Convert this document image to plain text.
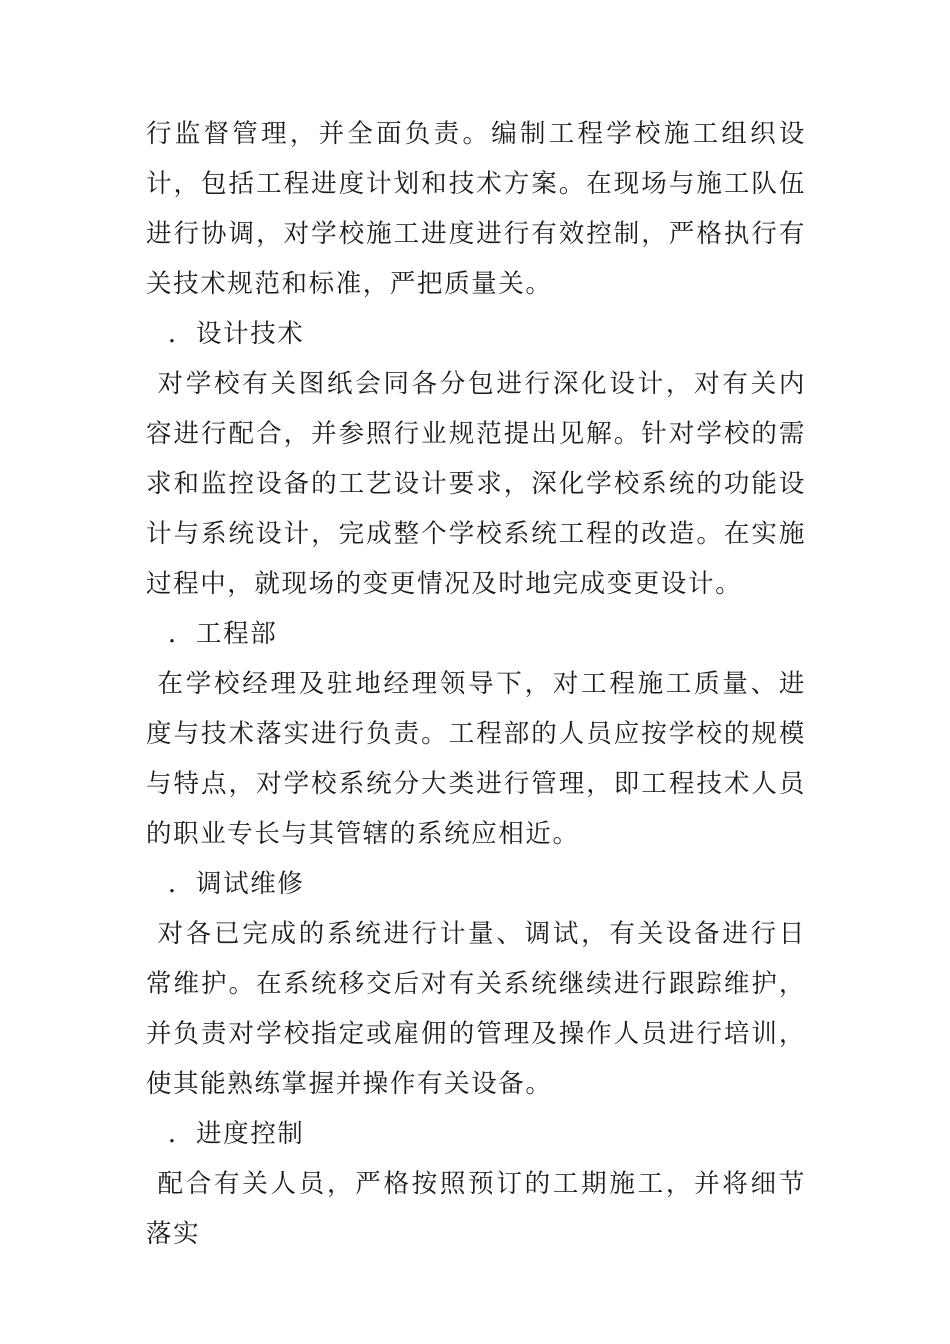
行监督管理，并全面负责。编制工程学校施工组织设计，包括工程进度计划和技术方案。在现场与施工队伍进行协调，对学校施工进度进行有效控制，严格执行有关技术规范和标准，严把质量关。

．设计技术

对学校有关图纸会同各分包进行深化设计，对有关内容进行配合，并参照行业规范提出见解。针对学校的需求和监控设备的工艺设计要求，深化学校系统的功能设计与系统设计，完成整个学校系统工程的改造。在实施过程中，就现场的变更情况及时地完成变更设计。

．工程部

在学校经理及驻地经理领导下，对工程施工质量、进度与技术落实进行负责。工程部的人员应按学校的规模与特点，对学校系统分大类进行管理，即工程技术人员的职业专长与其管辖的系统应相近。

．调试维修

对各已完成的系统进行计量、调试，有关设备进行日常维护。在系统移交后对有关系统继续进行跟踪维护，并负责对学校指定或雇佣的管理及操作人员进行培训，使其能熟练掌握并操作有关设备。

．进度控制

配合有关人员，严格按照预订的工期施工，并将细节落实
